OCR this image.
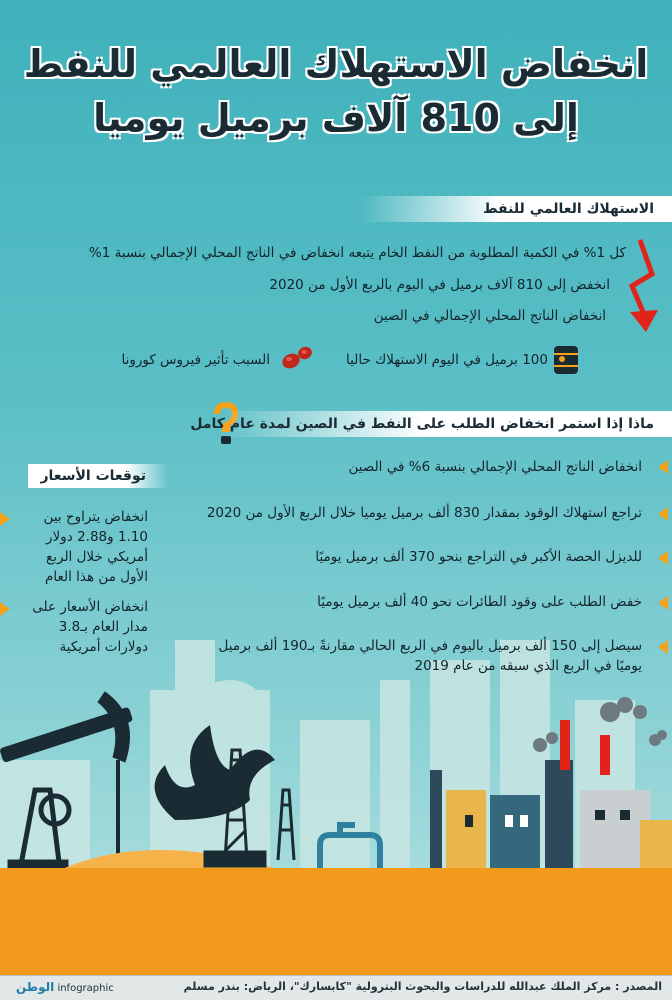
انخفاض الاستهلاك العالمي للنفط
إلى 810 آلاف برميل يوميا
الاستهلاك العالمي للنفط
كل 1% في الكمية المطلوبة من النفط الخام يتبعه انخفاض في الناتج المحلي الإجمالي بنسبة 1%
انخفض إلى 810 آلاف برميل في اليوم بالربع الأول من 2020
انخفاض الناتج المحلي الإجمالي في الصين
100 برميل في اليوم الاستهلاك حاليا
السبب تأثير فيروس كورونا
ماذا إذا استمر انخفاض الطلب على النفط في الصين لمدة عام كامل
انخفاض الناتج المحلي الإجمالي بنسبة 6% في الصين
تراجع استهلاك الوقود بمقدار 830 ألف برميل يوميا خلال الربع الأول من 2020
للديزل الحصة الأكبر في التراجع بنحو 370 ألف برميل يوميًا
خفض الطلب على وقود الطائرات نحو 40 ألف برميل يوميًا
سيصل إلى 150 ألف برميل باليوم في الربع الحالي مقارنةً بـ190 ألف برميل يوميًا في الربع الذي سبقه من عام 2019
توقعات الأسعار
انخفاض يتراوح بين 1.10 و2.88 دولار أمريكي خلال الربع الأول من هذا العام
انخفاض الأسعار على مدار العام بـ3.8 دولارات أمريكية
المصدر : مركز الملك عبدالله للدراسات والبحوث البترولية "كابسارك"، الرياض: بندر مسلم
الوطن infographic
